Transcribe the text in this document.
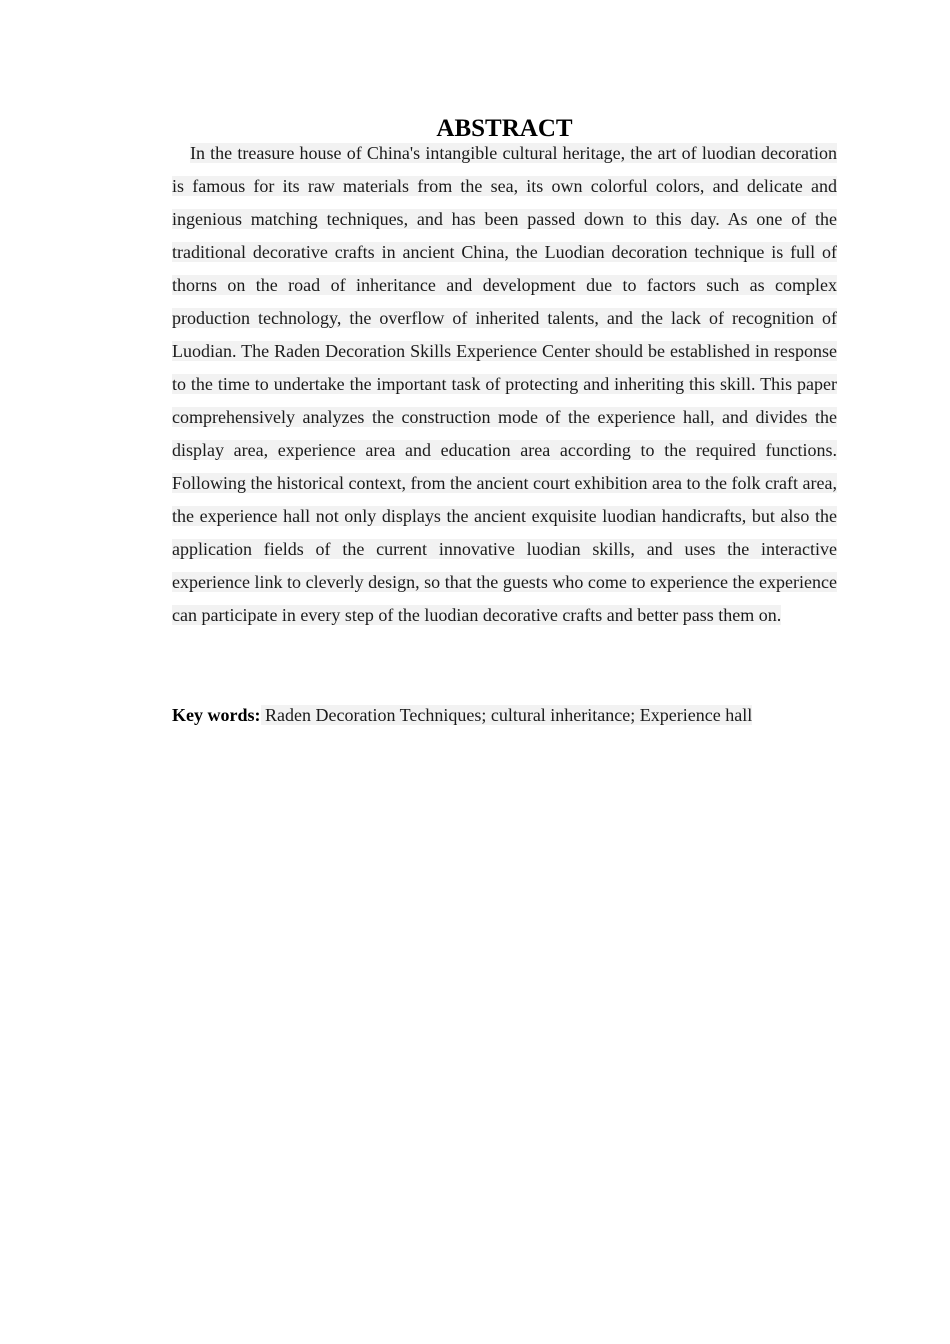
ABSTRACT

In the treasure house of China's intangible cultural heritage, the art of luodian decoration is famous for its raw materials from the sea, its own colorful colors, and delicate and ingenious matching techniques, and has been passed down to this day. As one of the traditional decorative crafts in ancient China, the Luodian decoration technique is full of thorns on the road of inheritance and development due to factors such as complex production technology, the overflow of inherited talents, and the lack of recognition of Luodian. The Raden Decoration Skills Experience Center should be established in response to the time to undertake the important task of protecting and inheriting this skill. This paper comprehensively analyzes the construction mode of the experience hall, and divides the display area, experience area and education area according to the required functions. Following the historical context, from the ancient court exhibition area to the folk craft area, the experience hall not only displays the ancient exquisite luodian handicrafts, but also the application fields of the current innovative luodian skills, and uses the interactive experience link to cleverly design, so that the guests who come to experience the experience can participate in every step of the luodian decorative crafts and better pass them on.

Key words: Raden Decoration Techniques; cultural inheritance; Experience hall
